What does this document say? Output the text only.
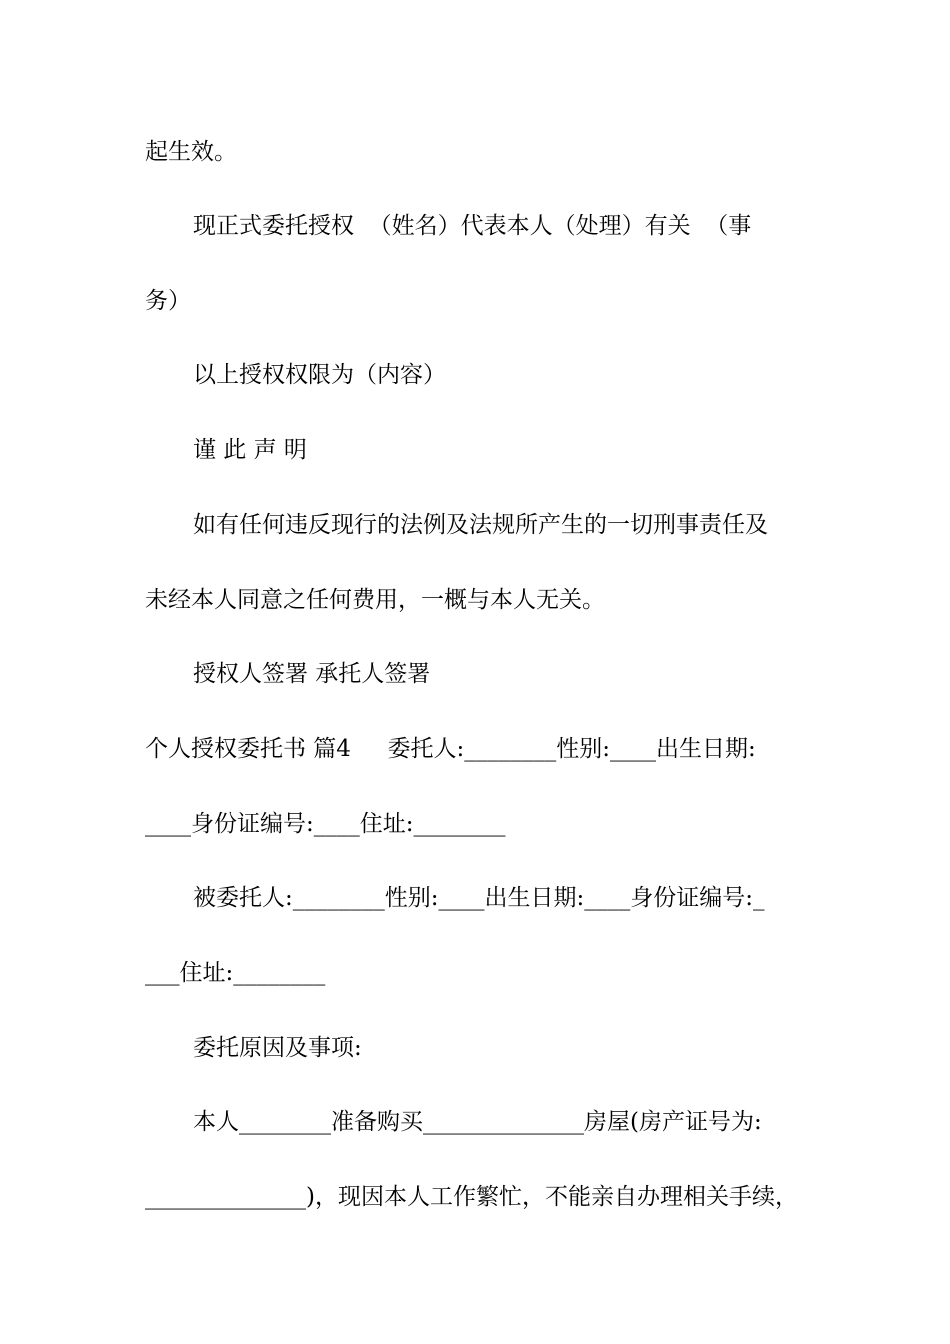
起生效。

现正式委托授权  （姓名）代表本人（处理）有关  （事

务）

以上授权权限为（内容）

谨 此 声 明

如有任何违反现行的法例及法规所产生的一切刑事责任及

未经本人同意之任何费用，一概与本人无关。

授权人签署 承托人签署

个人授权委托书 篇4     委托人:________性别:____出生日期:

____身份证编号:____住址:________

被委托人:________性别:____出生日期:____身份证编号:_

___住址:________

委托原因及事项:

本人________准备购买______________房屋(房产证号为:

______________)，现因本人工作繁忙，不能亲自办理相关手续，
